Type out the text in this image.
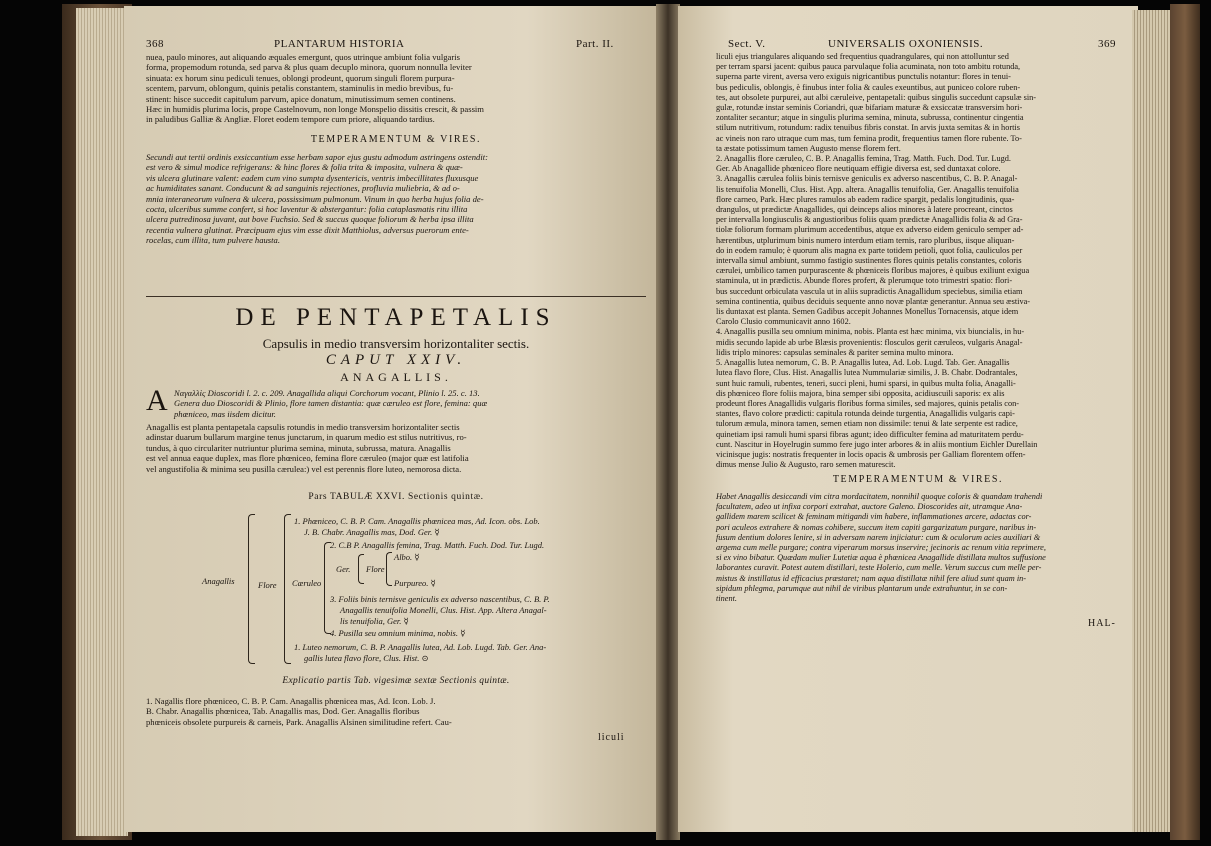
368	PLANTARUM HISTORIA	Part. II.

nuea, paulo minores, aut aliquando æquales emergunt, quos utrinque ambiunt folia vulgaris

forma, propemodum rotunda, sed parva & plus quam decuplo minora, quorum nonnulla leviter

sinuata: ex horum sinu pediculi tenues, oblongi prodeunt, quorum singuli florem purpura-

scentem, parvum, oblongum, quinis petalis constantem, staminulis in medio brevibus, fu-

stinent: hisce succedit capitulum parvum, apice donatum, minutissimum semen continens.

Hæc in humidis plurima locis, prope Castelnovum, non longe Monspelio dissitis crescit, & passim

in paludibus Galliæ & Angliæ. Floret eodem tempore cum priore, aliquando tardius.

TEMPERAMENTUM & VIRES.

Secundi aut tertii ordinis exsiccantium esse herbam sapor ejus gustu admodum astringens ostendit:

est vero & simul modice refrigerans: & hinc flores & folia trita & imposita, vulnera & quæ-

vis ulcera glutinare valent: eadem cum vino sumpta dysentericis, ventris imbecillitates fluxusque

ac humiditates sanant. Conducunt & ad sanguinis rejectiones, profluvia muliebria, & ad o-

mnia interaneorum vulnera & ulcera, possissimum pulmonum. Vinum in quo herba hujus folia de-

cocta, ulceribus summe confert, si hoc laventur & abstergantur: folia cataplasmatis ritu illita

ulcera putredinosa juvant, aut bove Fuchsio. Sed & succus quoque foliorum & herba ipsa illita

recentia vulnera glutinat. Præcipuam ejus vim esse dixit Matthiolus, adversus puerorum ente-

rocelas, cum illita, tum pulvere hausta.

DE PENTAPETALIS
Capsulis in medio transversim horizontaliter sectis.
CAPUT XXIV.
ANAGALLIS.
A Ναγαλλὶς Dioscoridi l. 2. c. 209. Anagallida aliqui Corchorum vocant, Plinio l. 25. c. 13.

Genera duo Dioscoridi & Plinio, flore tamen distantia: quæ cæruleo est flore, femina: quæ

phœniceo, mas iisdem dicitur.

Anagallis est planta pentapetala capsulis rotundis in medio transversim horizontaliter sectis

adinstar duarum bullarum margine tenus junctarum, in quarum medio est stilus nutritivus, ro-

tundus, à quo circulariter nutriuntur plurima semina, minuta, subrussa, matura. Anagallis

est vel annua eaque duplex, mas flore phœniceo, femina flore cæruleo (major quæ est latifolia

vel angustifolia & minima seu pusilla cærulea:) vel est perennis flore luteo, nemorosa dicta.

Pars TABULÆ XXVI. Sectionis quintæ.
Anagallis	Flore Cæruleo
Ger. Flore
Albo. ☿
Purpureo. ☿
1. Phœniceo, C. B. P. Cam. Anagallis phœnicea mas, Ad. Icon. obs. Lob.
J. B. Chabr. Anagallis mas, Dod. Ger. ☿
2. C.B P. Anagallis femina, Trag. Matth. Fuch. Dod. Tur. Lugd.
3. Foliis binis ternisve geniculis ex adverso nascentibus, C. B. P.
Anagallis tenuifolia Monelli, Clus. Hist. App. Altera Anagal-
lis tenuifolia, Ger. ☿
4. Pusilla seu omnium minima, nobis. ☿
1. Luteo nemorum, C. B. P. Anagallis lutea, Ad. Lob. Lugd. Tab. Ger. Ana-
gallis lutea flavo flore, Clus. Hist. ⊙
Explicatio partis Tab. vigesimæ sextæ Sectionis quintæ.

1. Nagallis flore phœniceo, C. B. P. Cam. Anagallis phœnicea mas, Ad. Icon. Lob. J.

B. Chabr. Anagallis phœnicea, Tab. Anagallis mas, Dod. Ger. Anagallis floribus

phœniceis obsolete purpureis & carneis, Park. Anagallis Alsinen similitudine refert. Cau-

liculi
Sect. V.	UNIVERSALIS OXONIENSIS.	369

liculi ejus triangulares aliquando sed frequentius quadrangulares, qui non attolluntur sed

per terram sparsi jacent: quibus pauca parvulaque folia acuminata, non toto ambitu rotunda,

superna parte virent, aversa vero exiguis nigricantibus punctulis notantur: flores in tenui-

bus pediculis, oblongis, è finubus inter folia & caules exeuntibus, aut puniceo colore ruben-

tes, aut obsolete purpurei, aut albi cæruleive, pentapetali: quibus singulis succedunt capsulæ sin-

gulæ, rotundæ instar seminis Coriandri, quæ bifariam maturæ & exsiccatæ transversim hori-

zontaliter secantur; atque in singulis plurima semina, minuta, subrussa, continentur cingentia

stilum nutritivum, rotundum: radix tenuibus fibris constat. In arvis juxta semitas & in hortis

ac vineis non raro utraque cum mas, tum femina prodit, frequentius tamen flore rubente. To-

ta æstate potissimum tamen Augusto mense florem fert.

2. Anagallis flore cæruleo, C. B. P. Anagallis femina, Trag. Matth. Fuch. Dod. Tur. Lugd.

Ger. Ab Anagallide phœniceo flore neutiquam effigie diversa est, sed duntaxat colore.

3. Anagallis cærulea foliis binis ternisve geniculis ex adverso nascentibus, C. B. P. Anagal-

lis tenuifolia Monelli, Clus. Hist. App. altera. Anagallis tenuifolia, Ger. Anagallis tenuifolia

flore carneo, Park. Hæc plures ramulos ab eadem radice spargit, pedalis longitudinis, qua-

drangulos, ut prædictæ Anagallides, qui deinceps alios minores à latere procreant, cinctos

per intervalla longiusculis & angustioribus foliis quam prædictæ Anagallidis folia & ad Gra-

tiolæ foliorum formam plurimum accedentibus, atque ex adverso eidem geniculo semper ad-

hærentibus, utplurimum binis numero interdum etiam ternis, raro pluribus, iisque aliquan-

do in eodem ramulo; è quorum alis magna ex parte totidem petioli, quot folia, cauliculos per

intervalla simul ambiunt, summo fastigio sustinentes flores quinis petalis constantes, coloris

cærulei, umbilico tamen purpurascente & phœniceis floribus majores, è quibus exiliunt exigua

staminula, ut in prædictis. Abunde flores profert, & plerumque toto trimestri spatio: flori-

bus succedunt orbiculata vascula ut in aliis supradictis Anagallidum speciebus, similia etiam

semina continentia, quibus deciduis sequente anno novæ plantæ generantur. Annua seu æstiva-

lis duntaxat est planta. Semen Gadibus accepit Johannes Monellus Tornacensis, atque idem

Carolo Clusio communicavit anno 1602.

4. Anagallis pusilla seu omnium minima, nobis. Planta est hæc minima, vix biuncialis, in hu-

midis secundo lapide ab urbe Blæsis provenientis: flosculos gerit cæruleos, vulgaris Anagal-

lidis triplo minores: capsulas seminales & pariter semina multo minora.

5. Anagallis lutea nemorum, C. B. P. Anagallis lutea, Ad. Lob. Lugd. Tab. Ger. Anagallis

lutea flavo flore, Clus. Hist. Anagallis lutea Nummulariæ similis, J. B. Chabr. Dodrantales,

sunt huic ramuli, rubentes, teneri, succi pleni, humi sparsi, in quibus multa folia, Anagalli-

dis phœniceo flore foliis majora, bina semper sibi opposita, acidiuscuili saporis: ex alis

prodeunt flores Anagallidis vulgaris floribus forma similes, sed majores, quinis petalis con-

stantes, flavo colore prædicti: capitula rotunda deinde turgentia, Anagallidis vulgaris capi-

tulorum æmula, minora tamen, semen etiam non dissimile: tenui & late serpente est radice,

quinetiam ipsi ramuli humi sparsi fibras agunt; ideo difficulter femina ad maturitatem perdu-

cunt. Nascitur in Hoyelrugin summo fere jugo inter arbores & in aliis montium Eichler Durellain

vicinisque jugis: nostratis frequenter in locis opacis & umbrosis per Galliam florentem offen-

dimus mense Julio & Augusto, raro semen maturescit.

TEMPERAMENTUM & VIRES.

Habet Anagallis desiccandi vim citra mordacitatem, nonnihil quoque coloris & quandam trahendi

facultatem, adeo ut infixa corpori extrahat, auctore Galeno. Dioscorides ait, utramque Ana-

gallidem marem scilicet & feminam mitigandi vim habere, inflammationes arcere, adactas cor-

pori aculeos extrahere & nomas cohibere, succum item capiti gargarizatum purgare, naribus in-

fusum dentium dolores lenire, si in adversam narem injiciatur: cum & oculorum acies auxiliari &

argema cum melle purgare; contra viperarum morsus inservire; jecinoris ac renum vitia reprimere,

si ex vino bibatur. Quædam mulier Lutetiæ aqua è phœnicea Anagallide distillata multos suffusione

laborantes curavit. Potest autem distillari, teste Holerio, cum melle. Verum succus cum melle per-

mistus & instillatus id efficacius præstaret; nam aqua distillatæ nihil fere aliud sunt quam in-

sipidum phlegma, parumque aut nihil de viribus plantarum unde extrahuntur, in se con-

tinent.

HAL-
